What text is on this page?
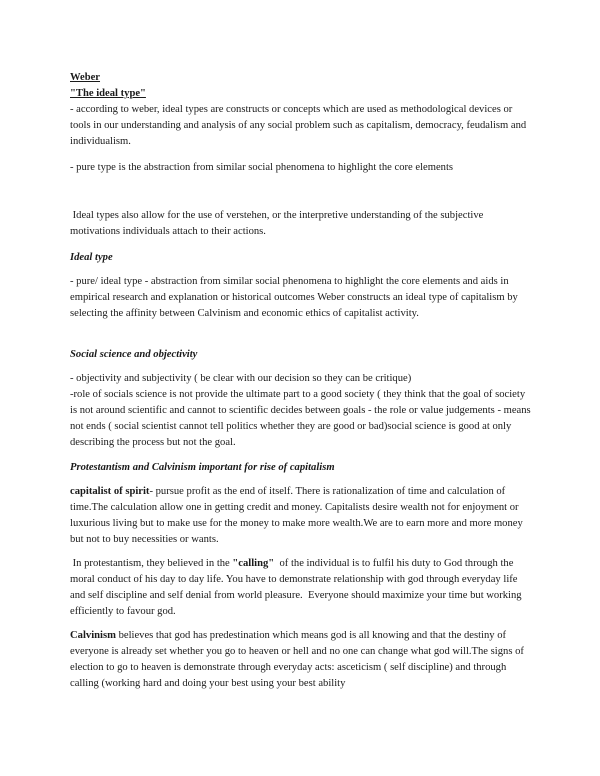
Weber
"The ideal type"
- according to weber, ideal types are constructs or concepts which are used as methodological devices or tools in our understanding and analysis of any social problem such as capitalism, democracy, feudalism and individualism.

- pure type is the abstraction from similar social phenomena to highlight the core elements

Ideal types also allow for the use of verstehen, or the interpretive understanding of the subjective motivations individuals attach to their actions.

Ideal type

- pure/ ideal type - abstraction from similar social phenomena to highlight the core elements and aids in empirical research and explanation or historical outcomes Weber constructs an ideal type of capitalism by selecting the affinity between Calvinism and economic ethics of capitalist activity.

Social science and objectivity

- objectivity and subjectivity ( be clear with our decision so they can be critique)

-role of socials science is not provide the ultimate part to a good society ( they think that the goal of society is not around scientific and cannot to scientific decides between goals - the role or value judgements - means not ends ( social scientist cannot tell politics whether they are good or bad)social science is good at only describing the process but not the goal.

Protestantism and Calvinism important for rise of capitalism

capitalist of spirit- pursue profit as the end of itself. There is rationalization of time and calculation of time.The calculation allow one in getting credit and money. Capitalists desire wealth not for enjoyment or luxurious living but to make use for the money to make more wealth.We are to earn more and more money but not to buy necessities or wants.

In protestantism, they believed in the "calling"  of the individual is to fulfil his duty to God through the moral conduct of his day to day life. You have to demonstrate relationship with god through everyday life and self discipline and self denial from world pleasure.  Everyone should maximize your time but working efficiently to favour god.

Calvinism believes that god has predestination which means god is all knowing and that the destiny of everyone is already set whether you go to heaven or hell and no one can change what god will.The signs of election to go to heaven is demonstrate through everyday acts: asceticism ( self discipline) and through calling (working hard and doing your best using your best ability
